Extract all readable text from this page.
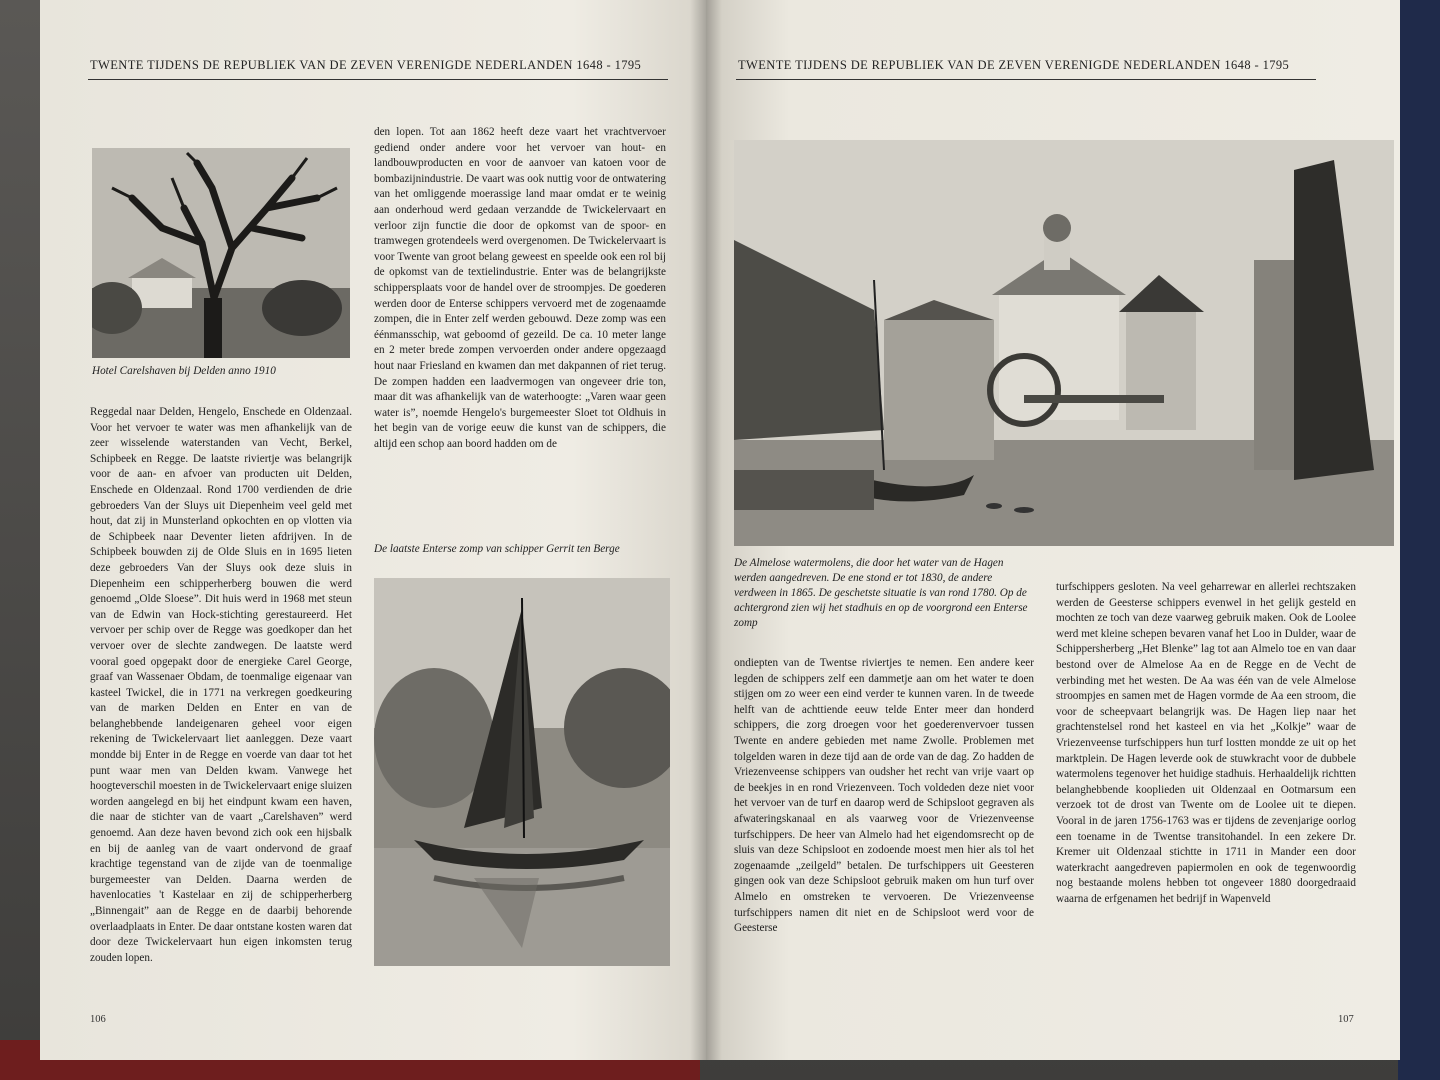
TWENTE TIJDENS DE REPUBLIEK VAN DE ZEVEN VERENIGDE NEDERLANDEN 1648 - 1795
Hotel Carelshaven bij Delden anno 1910
Reggedal naar Delden, Hengelo, Enschede en Oldenzaal. Voor het vervoer te water was men afhankelijk van de zeer wisselende waterstanden van Vecht, Berkel, Schipbeek en Regge. De laatste riviertje was belangrijk voor de aan- en afvoer van producten uit Delden, Enschede en Oldenzaal. Rond 1700 verdienden de drie gebroeders Van der Sluys uit Diepenheim veel geld met hout, dat zij in Munsterland opkochten en op vlotten via de Schipbeek naar Deventer lieten afdrijven. In de Schipbeek bouwden zij de Olde Sluis en in 1695 lieten deze gebroeders Van der Sluys ook deze sluis in Diepenheim een schipperherberg bouwen die werd genoemd „Olde Sloese”. Dit huis werd in 1968 met steun van de Edwin van Hock-stichting gerestaureerd. Het vervoer per schip over de Regge was goedkoper dan het vervoer over de slechte zandwegen. De laatste werd vooral goed opgepakt door de energieke Carel George, graaf van Wassenaer Obdam, de toenmalige eigenaar van kasteel Twickel, die in 1771 na verkregen goedkeuring van de marken Delden en Enter en van de belanghebbende landeigenaren geheel voor eigen rekening de Twickelervaart liet aanleggen. Deze vaart mondde bij Enter in de Regge en voerde van daar tot het punt waar men van Delden kwam. Vanwege het hoogteverschil moesten in de Twickelervaart enige sluizen worden aangelegd en bij het eindpunt kwam een haven, die naar de stichter van de vaart „Carelshaven” werd genoemd. Aan deze haven bevond zich ook een hijsbalk en bij de aanleg van de vaart ondervond de graaf krachtige tegenstand van de zijde van de toenmalige burgemeester van Delden. Daarna werden de havenlocaties 't Kastelaar en zij de schipperherberg „Binnengait” aan de Regge en de daarbij behorende overlaadplaats in Enter. De daar ontstane kosten waren dat door deze Twickelervaart hun eigen inkomsten terug zouden lopen.
den lopen. Tot aan 1862 heeft deze vaart het vrachtvervoer gediend onder andere voor het vervoer van hout- en landbouwproducten en voor de aanvoer van katoen voor de bombazijnindustrie. De vaart was ook nuttig voor de ontwatering van het omliggende moerassige land maar omdat er te weinig aan onderhoud werd gedaan verzandde de Twickelervaart en verloor zijn functie die door de opkomst van de spoor- en tramwegen grotendeels werd overgenomen. De Twickelervaart is voor Twente van groot belang geweest en speelde ook een rol bij de opkomst van de textielindustrie. Enter was de belangrijkste schippersplaats voor de handel over de stroompjes. De goederen werden door de Enterse schippers vervoerd met de zogenaamde zompen, die in Enter zelf werden gebouwd. Deze zomp was een éénmansschip, wat geboomd of gezeild. De ca. 10 meter lange en 2 meter brede zompen vervoerden onder andere opgezaagd hout naar Friesland en kwamen dan met dakpannen of riet terug. De zompen hadden een laadvermogen van ongeveer drie ton, maar dit was afhankelijk van de waterhoogte: „Varen waar geen water is”, noemde Hengelo's burgemeester Sloet tot Oldhuis in het begin van de vorige eeuw die kunst van de schippers, die altijd een schop aan boord hadden om de
De laatste Enterse zomp van schipper Gerrit ten Berge
106
TWENTE TIJDENS DE REPUBLIEK VAN DE ZEVEN VERENIGDE NEDERLANDEN 1648 - 1795
De Almelose watermolens, die door het water van de Hagen werden aangedreven. De ene stond er tot 1830, de andere verdween in 1865. De geschetste situatie is van rond 1780. Op de achtergrond zien wij het stadhuis en op de voorgrond een Enterse zomp
ondiepten van de Twentse riviertjes te nemen. Een andere keer legden de schippers zelf een dammetje aan om het water te doen stijgen om zo weer een eind verder te kunnen varen. In de tweede helft van de achttiende eeuw telde Enter meer dan honderd schippers, die zorg droegen voor het goederenvervoer tussen Twente en andere gebieden met name Zwolle. Problemen met tolgelden waren in deze tijd aan de orde van de dag. Zo hadden de Vriezenveense schippers van oudsher het recht van vrije vaart op de beekjes in en rond Vriezenveen. Toch voldeden deze niet voor het vervoer van de turf en daarop werd de Schipsloot gegraven als afwateringskanaal en als vaarweg voor de Vriezenveense turfschippers. De heer van Almelo had het eigendomsrecht op de sluis van deze Schipsloot en zodoende moest men hier als tol het zogenaamde „zeilgeld” betalen. De turfschippers uit Geesteren gingen ook van deze Schipsloot gebruik maken om hun turf over Almelo en omstreken te vervoeren. De Vriezenveense turfschippers namen dit niet en de Schipsloot werd voor de Geesterse
turfschippers gesloten. Na veel geharrewar en allerlei rechtszaken werden de Geesterse schippers evenwel in het gelijk gesteld en mochten ze toch van deze vaarweg gebruik maken. Ook de Loolee werd met kleine schepen bevaren vanaf het Loo in Dulder, waar de Schippersherberg „Het Blenke” lag tot aan Almelo toe en van daar bestond over de Almelose Aa en de Regge en de Vecht de verbinding met het westen. De Aa was één van de vele Almelose stroompjes en samen met de Hagen vormde de Aa een stroom, die voor de scheepvaart belangrijk was. De Hagen liep naar het grachtenstelsel rond het kasteel en via het „Kolkje” waar de Vriezenveense turfschippers hun turf lostten mondde ze uit op het marktplein. De Hagen leverde ook de stuwkracht voor de dubbele watermolens tegenover het huidige stadhuis. Herhaaldelijk richtten belanghebbende kooplieden uit Oldenzaal en Ootmarsum een verzoek tot de drost van Twente om de Loolee uit te diepen. Vooral in de jaren 1756-1763 was er tijdens de zevenjarige oorlog een toename in de Twentse transitohandel. In een zekere Dr. Kremer uit Oldenzaal stichtte in 1711 in Mander een door waterkracht aangedreven papiermolen en ook de tegenwoordig nog bestaande molens hebben tot ongeveer 1880 doorgedraaid waarna de erfgenamen het bedrijf in Wapenveld
107
